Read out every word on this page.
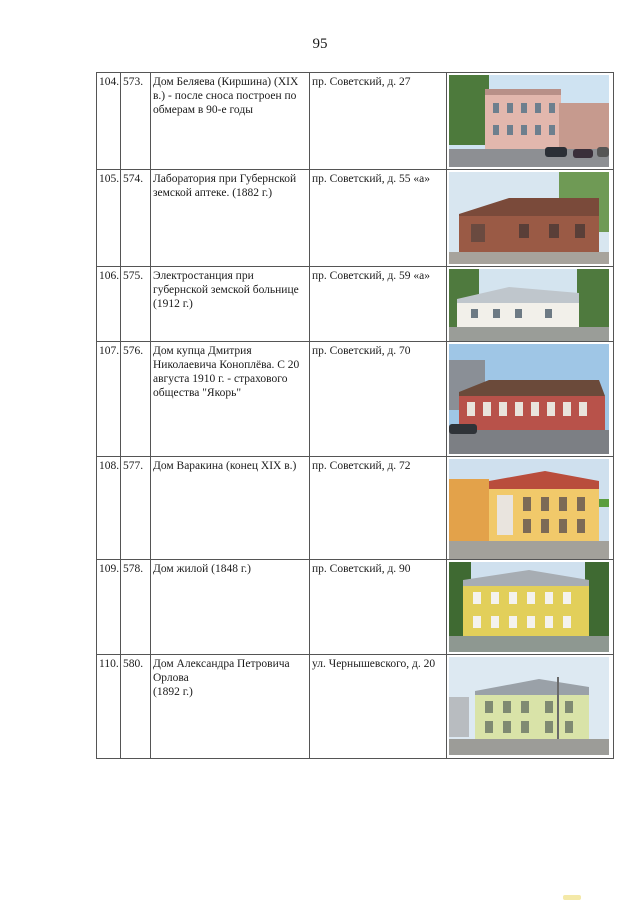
95
104.	573.	Дом Беляева (Киршина) (XIX в.) - после сноса построен по обмерам в 90-е годы	пр. Советский, д. 27	

105.	574.	Лаборатория при Губернской земской аптеке. (1882 г.)	пр. Советский, д. 55 «а»	

106.	575.	Электростанция при губернской земской больнице (1912 г.)	пр. Советский, д. 59 «а»	

107.	576.	Дом купца Дмитрия Николаевича Коноплёва. С 20 августа 1910 г. - страхового общества "Якорь"	пр. Советский, д. 70	

108.	577.	Дом Варакина (конец XIX в.)	пр. Советский, д. 72	

109.	578.	Дом жилой (1848 г.)	пр. Советский, д. 90	

110.	580.	Дом Александра Петровича Орлова
(1892 г.)	ул. Чернышевского, д. 20	
